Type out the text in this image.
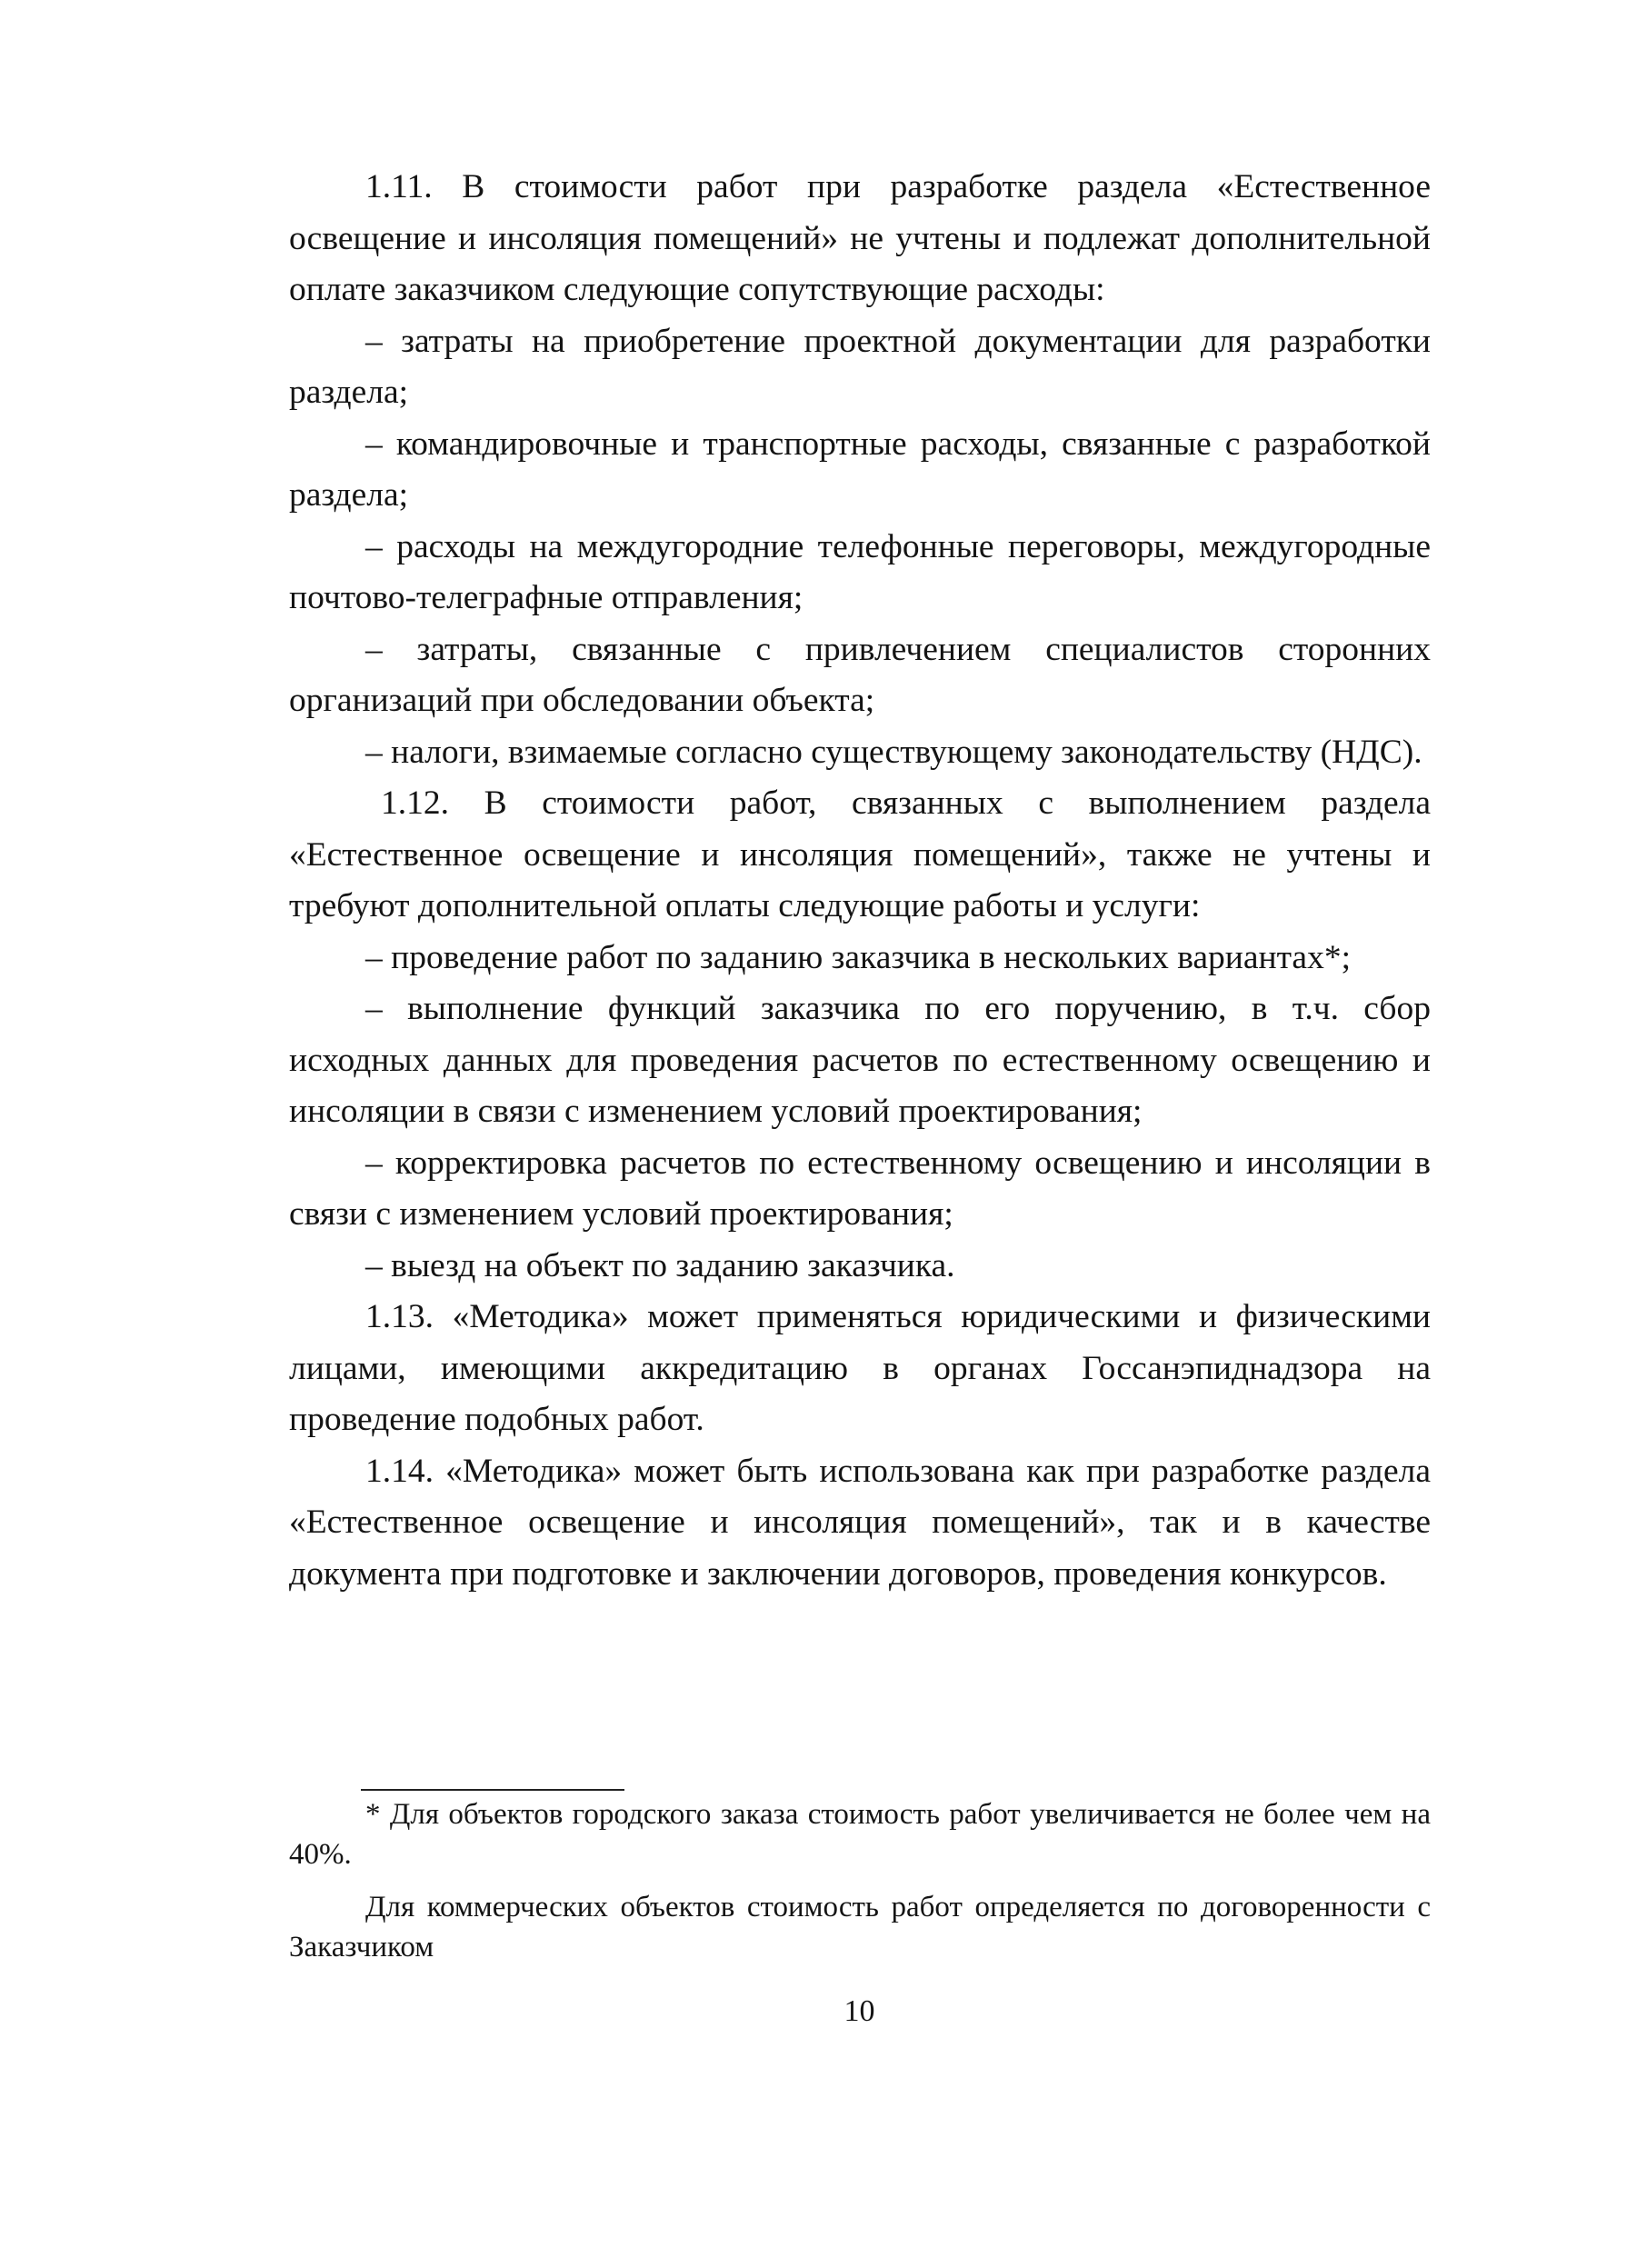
1.11. В стоимости работ при разработке раздела «Естественное освещение и инсоляция помещений» не учтены и подлежат дополнительной оплате заказчиком следующие сопутствующие расходы:

– затраты на приобретение проектной документации для разработки раздела;

– командировочные и транспортные расходы, связанные с разработкой раздела;

– расходы на междугородние телефонные переговоры, междугородные почтово-телеграфные отправления;

– затраты, связанные с привлечением специалистов сторонних организаций при обследовании объекта;

– налоги, взимаемые согласно существующему законодательству (НДС).

1.12. В стоимости работ, связанных с выполнением раздела «Естественное освещение и инсоляция помещений», также не учтены и требуют дополнительной оплаты следующие работы и услуги:

– проведение работ по заданию заказчика в нескольких вариантах*;

– выполнение функций заказчика по его поручению, в т.ч. сбор исходных данных для проведения расчетов по естественному освещению и инсоляции в связи с изменением условий проектирования;

– корректировка расчетов по естественному освещению и инсоляции в связи с изменением условий проектирования;

– выезд на объект по заданию заказчика.

1.13. «Методика» может применяться юридическими и физическими лицами, имеющими аккредитацию в органах Госсанэпиднадзора на проведение подобных работ.

1.14. «Методика» может быть использована как при разработке раздела «Естественное освещение и инсоляция помещений», так и в качестве документа при подготовке и заключении договоров, проведения конкурсов.

* Для объектов городского заказа стоимость работ увеличивается не более чем на 40%.

Для коммерческих объектов стоимость работ определяется по договоренности с Заказчиком

10
